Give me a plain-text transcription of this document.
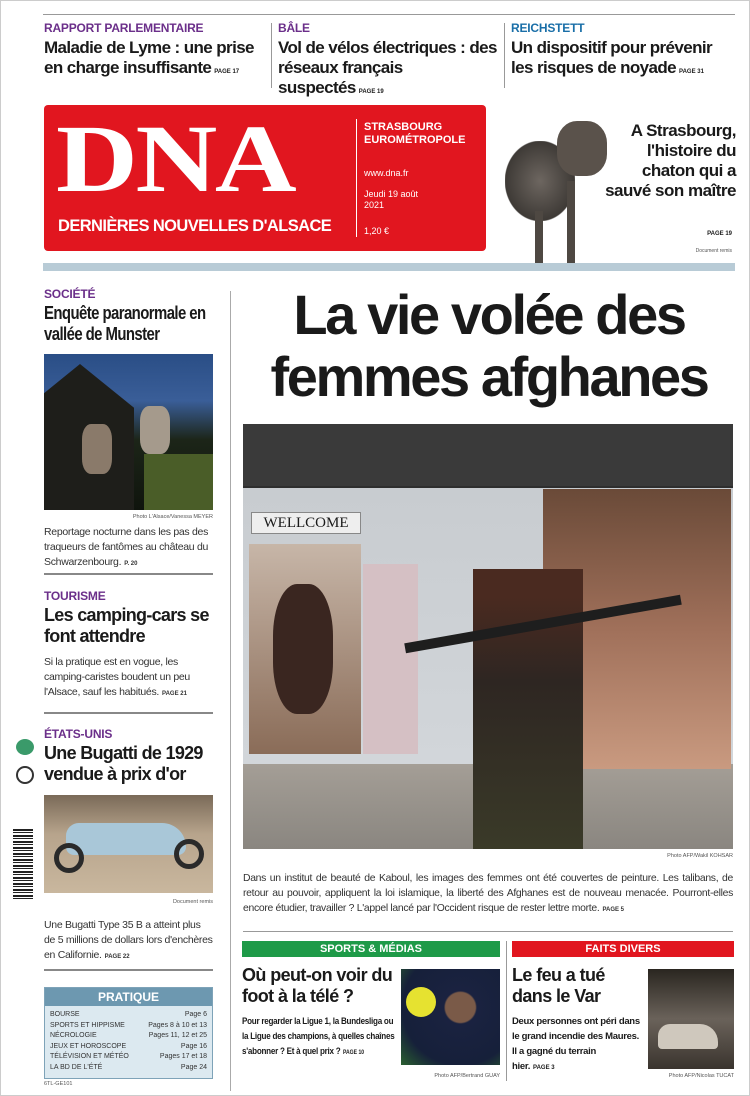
RAPPORT PARLEMENTAIRE
Maladie de Lyme : une prise en charge insuffisante PAGE 17
BÂLE
Vol de vélos électriques : des réseaux français suspectés PAGE 19
REICHSTETT
Un dispositif pour prévenir les risques de noyade PAGE 31
DNA
DERNIÈRES NOUVELLES D'ALSACE
STRASBOURG
EUROMÉTROPOLE
www.dna.fr
Jeudi 19 août 2021
1,20 €
A Strasbourg, l'histoire du chaton qui a sauvé son maître
PAGE 19
Document remis
SOCIÉTÉ
Enquête paranormale en vallée de Munster
Photo L'Alsace/Vanessa MEYER

Reportage nocturne dans les pas des traqueurs de fantômes au château du Schwarzenbourg. P. 20

TOURISME
Les camping-cars se font attendre

Si la pratique est en vogue, les camping-caristes boudent un peu l'Alsace, sauf les habitués. PAGE 21

ÉTATS-UNIS
Une Bugatti de 1929 vendue à prix d'or
Document remis

Une Bugatti Type 35 B a atteint plus de 5 millions de dollars lors d'enchères en Californie. PAGE 22

PRATIQUE
BOURSE	Page 6
SPORTS ET HIPPISME	Pages 8 à 10 et 13
NÉCROLOGIE	Pages 11, 12 et 25
JEUX ET HOROSCOPE	Page 16
TÉLÉVISION ET MÉTÉO	Pages 17 et 18
LA BD DE L'ÉTÉ	Page 24
6TL-GE101
La vie volée des femmes afghanes
WELLCOME
Photo AFP/Wakil KOHSAR
Dans un institut de beauté de Kaboul, les images des femmes ont été couvertes de peinture. Les talibans, de retour au pouvoir, appliquent la loi islamique, la liberté des Afghanes est de nouveau menacée. Pourront-elles encore étudier, travailler ? L'appel lancé par l'Occident risque de rester lettre morte. PAGE 5
SPORTS & MÉDIAS
Où peut-on voir du foot à la télé ?

Pour regarder la Ligue 1, la Bundesliga ou la Ligue des champions, à quelles chaînes s'abonner ? Et à quel prix ? PAGE 10

Photo AFP/Bertrand GUAY
FAITS DIVERS
Le feu a tué dans le Var

Deux personnes ont péri dans le grand incendie des Maures. Il a gagné du terrain hier. PAGE 3

Photo AFP/Nicolas TUCAT
